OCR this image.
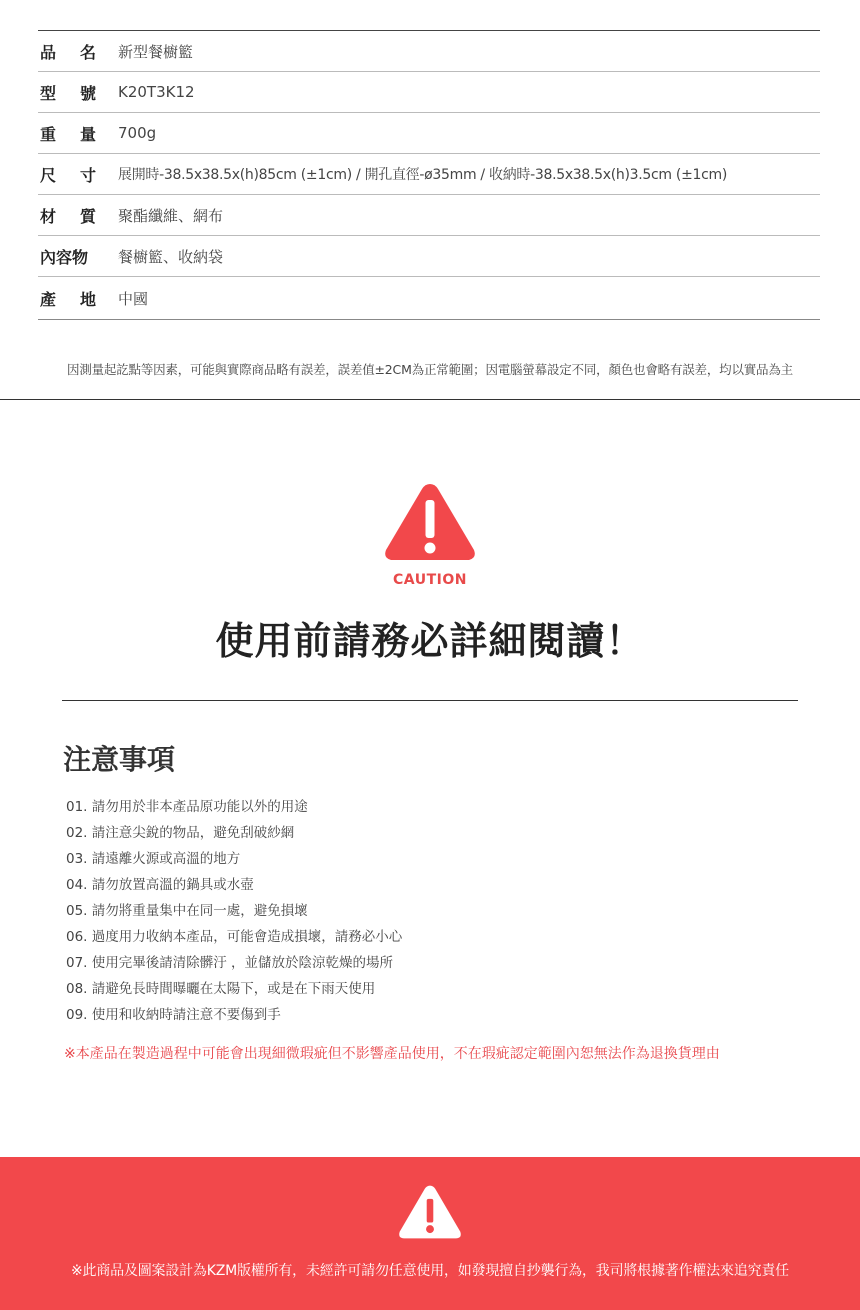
品 名 新型餐櫥籃
型 號 K20T3K12
重 量 700g
尺 寸 展開時-38.5x38.5x(h)85cm (±1cm) / 開孔直徑-ø35mm / 收納時-38.5x38.5x(h)3.5cm (±1cm)
材 質 聚酯纖維、網布
內容物 餐櫥籃、收納袋
產 地 中國
因測量起訖點等因素，可能與實際商品略有誤差，誤差值±2CM為正常範圍；因電腦螢幕設定不同，顏色也會略有誤差，均以實品為主
CAUTION
使用前請務必詳細閱讀！
注意事項
01. 請勿用於非本產品原功能以外的用途
02. 請注意尖銳的物品，避免刮破紗網
03. 請遠離火源或高溫的地方
04. 請勿放置高溫的鍋具或水壺
05. 請勿將重量集中在同一處，避免損壞
06. 過度用力收納本產品，可能會造成損壞，請務必小心
07. 使用完畢後請清除髒汙 ，並儲放於陰涼乾燥的場所
08. 請避免長時間曝曬在太陽下，或是在下雨天使用
09. 使用和收納時請注意不要傷到手
※本產品在製造過程中可能會出現細微瑕疵但不影響產品使用，不在瑕疵認定範圍內恕無法作為退換貨理由
※此商品及圖案設計為KZM版權所有，未經許可請勿任意使用，如發現擅自抄襲行為，我司將根據著作權法來追究責任
